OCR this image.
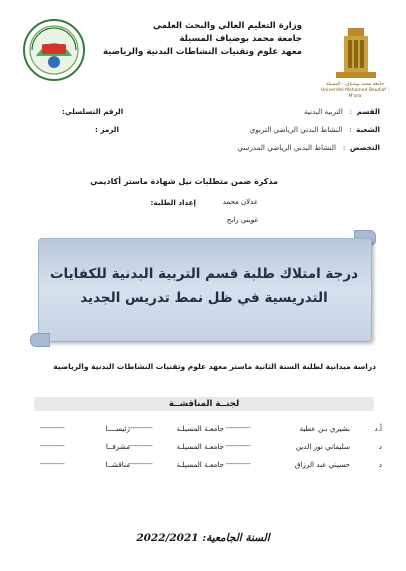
وزارة التعليم العالي والبحث العلمي
جامعة محمد بوضياف المسيلة
معهد علوم وتقنيات النشاطات البدنية والرياضية
جامعة محمد بوضياف - المسيلة
Université Mohamed Boudiaf - M'sila
القسم  :   التربية البدنية
الشعبة  :   النشاط البدني الرياضي التربوي
التخصص  :   النشاط البدني الرياضي المدرسي
الرقم التسلسلي:
الرمز :
مذكرة ضمن متطلبات نيل شهادة ماستر أكاديمي
إعداد الطلبة:	عدلان محمد
غويني رابح
درجة امتلاك طلبة قسم التربية البدنية للكفايات
التدريسية في ظل نمط تدريس الجديد
دراسة ميدانية لطلبة السنة الثانية ماستر معهد علوم وتقنيات النشاطات البدنية والرياضية
لجنــة المناقشــة
أ.د
بشيري بـن عطية
-----------
جامعـة المسيلـة
-----------
رئيســــا
-----------
د
سليماني نور الدين
-----------
جامعـة المسيلـة
-----------
مشرفــا
-----------
د
حسيني عبد الرزاق
-----------
جامعـة المسيلـة
-----------
مناقشــا
-----------
السنة الجامعية: 2022/2021
